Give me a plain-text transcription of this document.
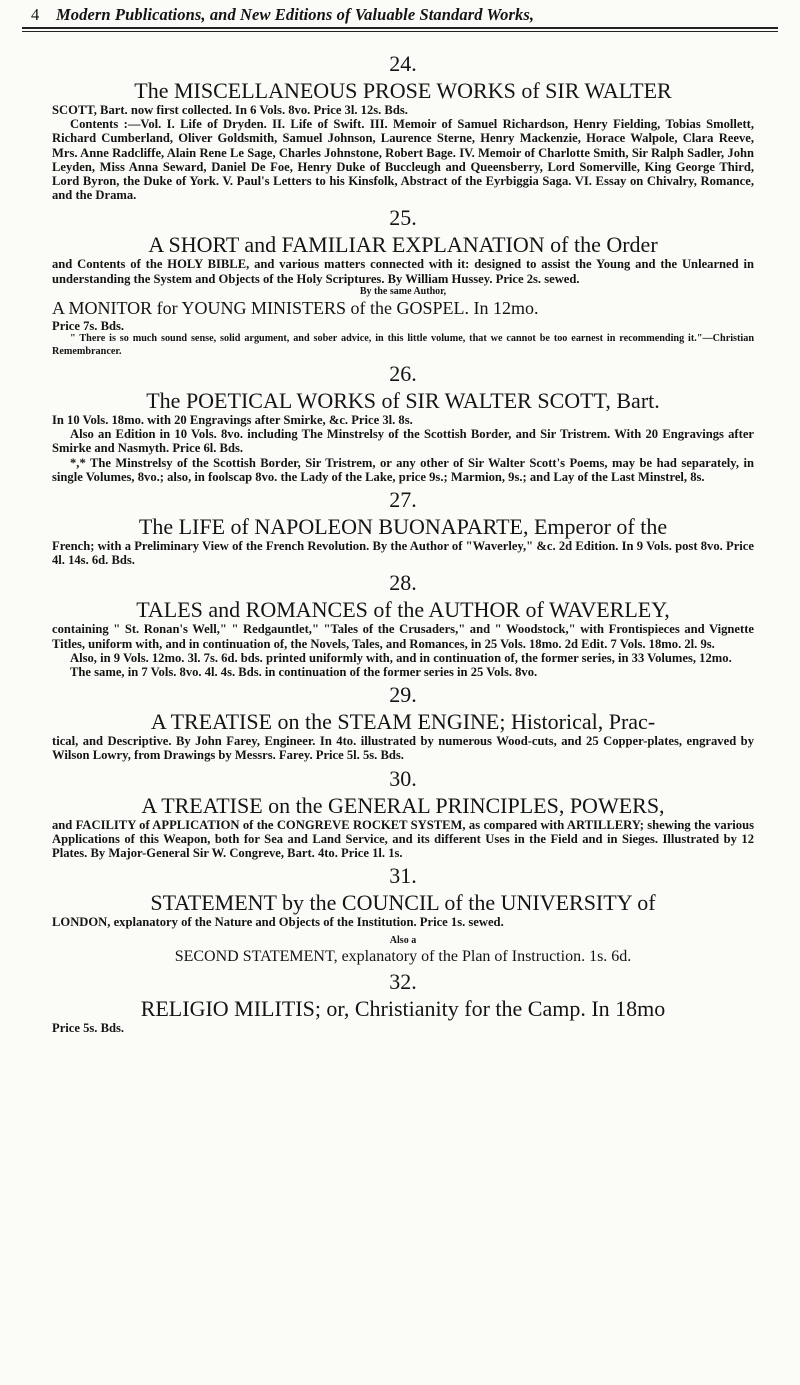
4 Modern Publications, and New Editions of Valuable Standard Works,

24.

The MISCELLANEOUS PROSE WORKS of SIR WALTER

SCOTT, Bart. now first collected. In 6 Vols. 8vo. Price 3l. 12s. Bds.

Contents :—Vol. I. Life of Dryden. II. Life of Swift. III. Memoir of Samuel Richardson, Henry Fielding, Tobias Smollett, Richard Cumberland, Oliver Goldsmith, Samuel Johnson, Laurence Sterne, Henry Mackenzie, Horace Walpole, Clara Reeve, Mrs. Anne Radcliffe, Alain Rene Le Sage, Charles Johnstone, Robert Bage. IV. Memoir of Charlotte Smith, Sir Ralph Sadler, John Leyden, Miss Anna Seward, Daniel De Foe, Henry Duke of Buccleugh and Queensberry, Lord Somerville, King George Third, Lord Byron, the Duke of York. V. Paul's Letters to his Kinsfolk, Abstract of the Eyrbiggia Saga. VI. Essay on Chivalry, Romance, and the Drama.

25.

A SHORT and FAMILIAR EXPLANATION of the Order

and Contents of the HOLY BIBLE, and various matters connected with it: designed to assist the Young and the Unlearned in understanding the System and Objects of the Holy Scriptures. By William Hussey. Price 2s. sewed.

By the same Author,

A MONITOR for YOUNG MINISTERS of the GOSPEL. In 12mo.

Price 7s. Bds.

" There is so much sound sense, solid argument, and sober advice, in this little volume, that we cannot be too earnest in recommending it."—Christian Remembrancer.

26.

The POETICAL WORKS of SIR WALTER SCOTT, Bart.

In 10 Vols. 18mo. with 20 Engravings after Smirke, &c. Price 3l. 8s.

Also an Edition in 10 Vols. 8vo. including The Minstrelsy of the Scottish Border, and Sir Tristrem. With 20 Engravings after Smirke and Nasmyth. Price 6l. Bds.

*,* The Minstrelsy of the Scottish Border, Sir Tristrem, or any other of Sir Walter Scott's Poems, may be had separately, in single Volumes, 8vo.; also, in foolscap 8vo. the Lady of the Lake, price 9s.; Marmion, 9s.; and Lay of the Last Minstrel, 8s.

27.

The LIFE of NAPOLEON BUONAPARTE, Emperor of the

French; with a Preliminary View of the French Revolution. By the Author of "Waverley," &c. 2d Edition. In 9 Vols. post 8vo. Price 4l. 14s. 6d. Bds.

28.

TALES and ROMANCES of the AUTHOR of WAVERLEY,

containing " St. Ronan's Well," " Redgauntlet," "Tales of the Crusaders," and " Woodstock," with Frontispieces and Vignette Titles, uniform with, and in continuation of, the Novels, Tales, and Romances, in 25 Vols. 18mo. 2d Edit. 7 Vols. 18mo. 2l. 9s.

Also, in 9 Vols. 12mo. 3l. 7s. 6d. bds. printed uniformly with, and in continuation of, the former series, in 33 Volumes, 12mo.

The same, in 7 Vols. 8vo. 4l. 4s. Bds. in continuation of the former series in 25 Vols. 8vo.

29.

A TREATISE on the STEAM ENGINE; Historical, Prac-

tical, and Descriptive. By John Farey, Engineer. In 4to. illustrated by numerous Wood-cuts, and 25 Copper-plates, engraved by Wilson Lowry, from Drawings by Messrs. Farey. Price 5l. 5s. Bds.

30.

A TREATISE on the GENERAL PRINCIPLES, POWERS,

and FACILITY of APPLICATION of the CONGREVE ROCKET SYSTEM, as compared with ARTILLERY; shewing the various Applications of this Weapon, both for Sea and Land Service, and its different Uses in the Field and in Sieges. Illustrated by 12 Plates. By Major-General Sir W. Congreve, Bart. 4to. Price 1l. 1s.

31.

STATEMENT by the COUNCIL of the UNIVERSITY of

LONDON, explanatory of the Nature and Objects of the Institution. Price 1s. sewed.

Also a

SECOND STATEMENT, explanatory of the Plan of Instruction. 1s. 6d.

32.

RELIGIO MILITIS; or, Christianity for the Camp. In 18mo

Price 5s. Bds.
